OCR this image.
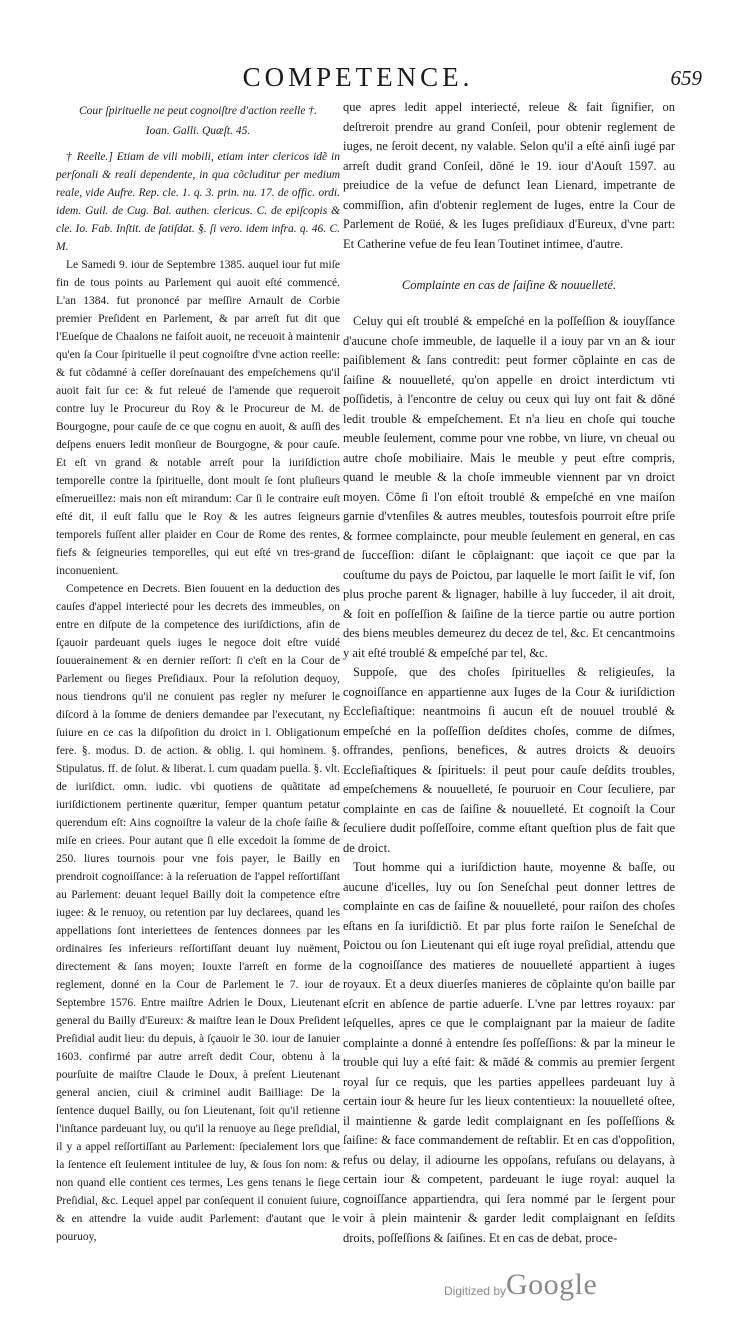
COMPETENCE.	659

Cour ſpirituelle ne peut cognoiſtre d'action reelle †.

Ioan. Galli. Quæſt. 45.

† Reelle.] Etiam de vili mobili, etiam inter clericos idẽ in perſonali & reali dependente, in qua cõcluditur per medium reale, vide Aufre. Rep. cle. 1. q. 3. prin. nu. 17. de offic. ordi. idem. Guil. de Cug. Bal. authen. clericus. C. de epiſcopis & cle. Io. Fab. Inſtit. de ſatiſdat. §. ſi vero. idem infra. q. 46. C. M.

Le Samedi 9. iour de Septembre 1385. auquel iour fut miſe fin de tous points au Parlement qui auoit eſté commencé. L'an 1384. fut prononcé par meſſire Arnault de Corbie premier Preſident en Parlement, & par arreſt fut dit que l'Eueſque de Chaalons ne faiſoit auoit, ne receuoit à maintenir qu'en ſa Cour ſpirituelle il peut cognoiſtre d'vne action reelle: & fut cõdamné à ceſſer doreſnauant des empeſchemens qu'il auoit fait ſur ce: & fut releué de l'amende que requeroit contre luy le Procureur du Roy & le Procureur de M. de Bourgogne, pour cauſe de ce que cognu en auoit, & auſſi des deſpens enuers ledit monſieur de Bourgogne, & pour cauſe. Et eſt vn grand & notable arreſt pour la iuriſdiction temporelle contre la ſpirituelle, dont moult ſe ſont pluſieurs eſmerueillez: mais non eſt mirandum: Car ſi le contraire euſt eſté dit, il euſt fallu que le Roy & les autres ſeigneurs temporels fuſſent aller plaider en Cour de Rome des rentes, fiefs & ſeigneuries temporelles, qui eut eſté vn tres-grand inconuenient.

Competence en Decrets. Bien ſouuent en la deduction des cauſes d'appel interiecté pour les decrets des immeubles, on entre en diſpute de la competence des iuriſdictions, afin de ſçauoir pardeuant quels iuges le negoce doit eſtre vuidé ſouuerainement & en dernier reſſort: ſi c'eſt en la Cour de Parlement ou ſieges Preſidiaux. Pour la reſolution dequoy, nous tiendrons qu'il ne conuient pas regler ny meſurer le diſcord à la ſomme de deniers demandee par l'executant, ny ſuiure en ce cas la diſpoſition du droict in l. Obligationum fere. §. modus. D. de action. & oblig. l. qui hominem. §. Stipulatus. ff. de ſolut. & liberat. l. cum quadam puella. §. vlt. de iuriſdict. omn. iudic. vbi quotiens de quãtitate ad iuriſdictionem pertinente quæritur, ſemper quantum petatur querendum eſt: Ains cognoiſtre la valeur de la choſe ſaiſie & miſe en criees. Pour autant que ſi elle excedoit la ſomme de 250. liures tournois pour vne fois payer, le Bailly en prendroit cognoiſſance: à la reſeruation de l'appel reſſortiſſant au Parlement: deuant lequel Bailly doit la competence eſtre iugee: & le renuoy, ou retention par luy declarees, quand les appellations ſont interiettees de ſentences donnees par les ordinaires ſes inferieurs reſſortiſſant deuant luy nuëment, directement & ſans moyen; Iouxte l'arreſt en forme de reglement, donné en la Cour de Parlement le 7. iour de Septembre 1576. Entre maiſtre Adrien le Doux, Lieutenant general du Bailly d'Eureux: & maiſtre Iean le Doux Preſident Preſidial audit lieu: du depuis, à ſçauoir le 30. iour de Ianuier 1603. confirmé par autre arreſt dedit Cour, obtenu à la pourſuite de maiſtre Claude le Doux, à preſent Lieutenant general ancien, ciuil & criminel audit Bailliage: De la ſentence duquel Bailly, ou ſon Lieutenant, ſoit qu'il retienne l'inſtance pardeuant luy, ou qu'il la renuoye au ſiege preſidial, il y a appel reſſortiſſant au Parlement: ſpecialement lors que la ſentence eſt ſeulement intitulee de luy, & ſous ſon nom: & non quand elle contient ces termes, Les gens tenans le ſiege Preſidial, &c. Lequel appel par conſequent il conuient ſuiure, & en attendre la vuide audit Parlement: d'autant que le pouruoy,

que apres ledit appel interiecté, releue & fait ſignifier, on deſtreroit prendre au grand Conſeil, pour obtenir reglement de iuges, ne ſeroit decent, ny valable. Selon qu'il a eſté ainſi iugé par arreſt dudit grand Conſeil, dõné le 19. iour d'Aouſt 1597. au preiudice de la vefue de defunct Iean Lienard, impetrante de commiſſion, afin d'obtenir reglement de Iuges, entre la Cour de Parlement de Roüé, & les Iuges preſidiaux d'Eureux, d'vne part: Et Catherine vefue de feu Iean Toutinet intimee, d'autre.

Complainte en cas de ſaiſine & nouuelleté.

Celuy qui eſt troublé & empeſché en la poſſeſſion & iouyſſance d'aucune choſe immeuble, de laquelle il a iouy par vn an & iour paiſiblement & ſans contredit: peut former cõplainte en cas de ſaiſine & nouuelleté, qu'on appelle en droict interdictum vti poſſidetis, à l'encontre de celuy ou ceux qui luy ont fait & dõné ledit trouble & empeſchement. Et n'a lieu en choſe qui touche meuble ſeulement, comme pour vne robbe, vn liure, vn cheual ou autre choſe mobiliaire. Mais le meuble y peut eſtre compris, quand le meuble & la choſe immeuble viennent par vn droict moyen. Cõme ſi l'on eſtoit troublé & empeſché en vne maiſon garnie d'vtenſiles & autres meubles, toutesfois pourroit eſtre priſe & formee complaincte, pour meuble ſeulement en general, en cas de ſucceſſion: diſant le cõplaignant: que iaçoit ce que par la couſtume du pays de Poictou, par laquelle le mort ſaiſit le vif, ſon plus proche parent & lignager, habille à luy ſucceder, il ait droit, & ſoit en poſſeſſion & ſaiſine de la tierce partie ou autre portion des biens meubles demeurez du decez de tel, &c. Et cencantmoins y ait eſté troublé & empeſché par tel, &c.

Suppoſe, que des choſes ſpirituelles & religieuſes, la cognoiſſance en appartienne aux Iuges de la Cour & iuriſdiction Eccleſiaſtique: neantmoins ſi aucun eſt de nouuel troublé & empeſché en la poſſeſſion deſdites choſes, comme de diſmes, offrandes, penſions, benefices, & autres droicts & deuoirs Eccleſiaſtiques & ſpirituels: il peut pour cauſe deſdits troubles, empeſchemens & nouuelleté, ſe pouruoir en Cour ſeculiere, par complainte en cas de ſaiſine & nouuelleté. Et cognoiſt la Cour ſeculiere dudit poſſeſſoire, comme eſtant queſtion plus de fait que de droict.

Tout homme qui a iuriſdiction haute, moyenne & baſſe, ou aucune d'icelles, luy ou ſon Seneſchal peut donner lettres de complainte en cas de ſaiſine & nouuelleté, pour raiſon des choſes eſtans en ſa iuriſdictiõ. Et par plus forte raiſon le Seneſchal de Poictou ou ſon Lieutenant qui eſt iuge royal preſidial, attendu que la cognoiſſance des matieres de nouuelleté appartient à iuges royaux. Et a deux diuerſes manieres de cõplainte qu'on baille par eſcrit en abſence de partie aduerſe. L'vne par lettres royaux: par leſquelles, apres ce que le complaignant par la maieur de ſadite complainte a donné à entendre ſes poſſeſſions: & par la mineur le trouble qui luy a eſté fait: & mãdé & commis au premier ſergent royal ſur ce requis, que les parties appellees pardeuant luy à certain iour & heure ſur les lieux contentieux: la nouuelleté oſtee, il maintienne & garde ledit complaignant en ſes poſſeſſions & ſaiſine: & face commandement de reſtablir. Et en cas d'oppoſition, refus ou delay, il adiourne les oppoſans, refuſans ou delayans, à certain iour & competent, pardeuant le iuge royal: auquel la cognoiſſance appartiendra, qui ſera nommé par le ſergent pour voir à plein maintenir & garder ledit complaignant en ſeſdits droits, poſſeſſions & ſaiſines. Et en cas de debat, proce-

Digitized by Google
